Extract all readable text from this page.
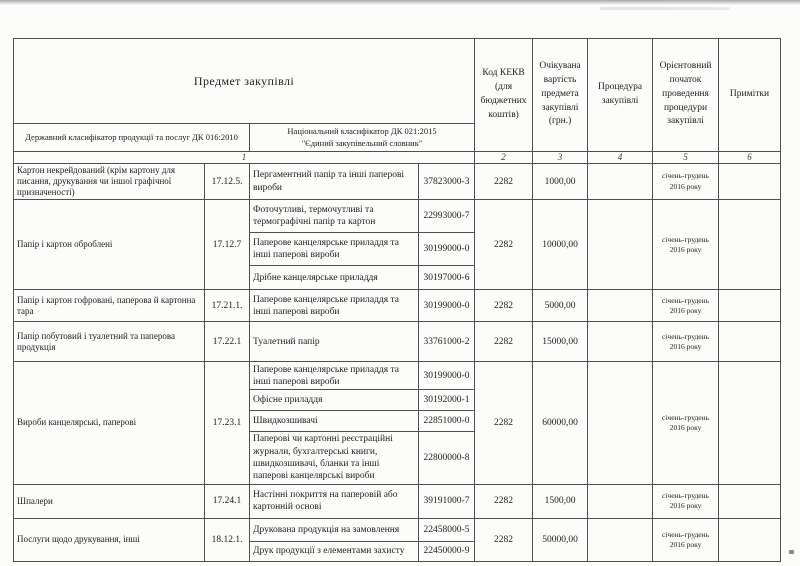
Предмет закупівлі				Код КЕКВ (для бюджетних коштів)	Очікувана вартість предмета закупівлі (грн.)	Процедура закупівлі	Орієнтовний початок проведення процедури закупівлі	Примітки
Державний класифікатор продукції та послуг ДК 016:2010		Національний класифікатор ДК 021:2015
"Єдиний закупівельний словник"						

1				2	3	4	5	6
Картон некрейдований (крім картону для писання, друкування чи іншої графічної призначеності)	17.12.5.	Пергаментний папір та інші паперові вироби	37823000-3	2282	1000,00		січень-грудень 2016 року	
Папір і картон оброблені	17.12.7	Фоточутливі, термочутливі та термографічні папір та картон	22993000-7	2282	10000,00		січень-грудень 2016 року	
		Паперове канцелярське приладдя та інші паперові вироби	30199000-0					
		Дрібне канцелярське приладдя	30197000-6					
Папір і картон гофровані, паперова й картонна тара	17.21.1.	Паперове канцелярське приладдя та інші паперові вироби	30199000-0	2282	5000,00		січень-грудень 2016 року	
Папір побутовий і туалетний та паперова продукція	17.22.1	Туалетний папір	33761000-2	2282	15000,00		січень-грудень 2016 року	
Вироби канцелярські, паперові	17.23.1	Паперове канцелярське приладдя та інші паперові вироби	30199000-0	2282	60000,00		січень-грудень 2016 року	
		Офісне приладдя	30192000-1					
		Швидкозшивачі	22851000-0					
		Паперові чи картонні реєстраційні журнали, бухгалтерські книги, швидкозшивачі, бланки та інші паперові канцелярські вироби	22800000-8					
Шпалери	17.24.1	Настінні покриття на паперовій або картонній основі	39191000-7	2282	1500,00		січень-грудень 2016 року	
Послуги щодо друкування, інші	18.12.1.	Друкована продукція на замовлення	22458000-5	2282	50000,00		січень-грудень 2016 року	
		Друк продукції з елементами захисту	22450000-9					
